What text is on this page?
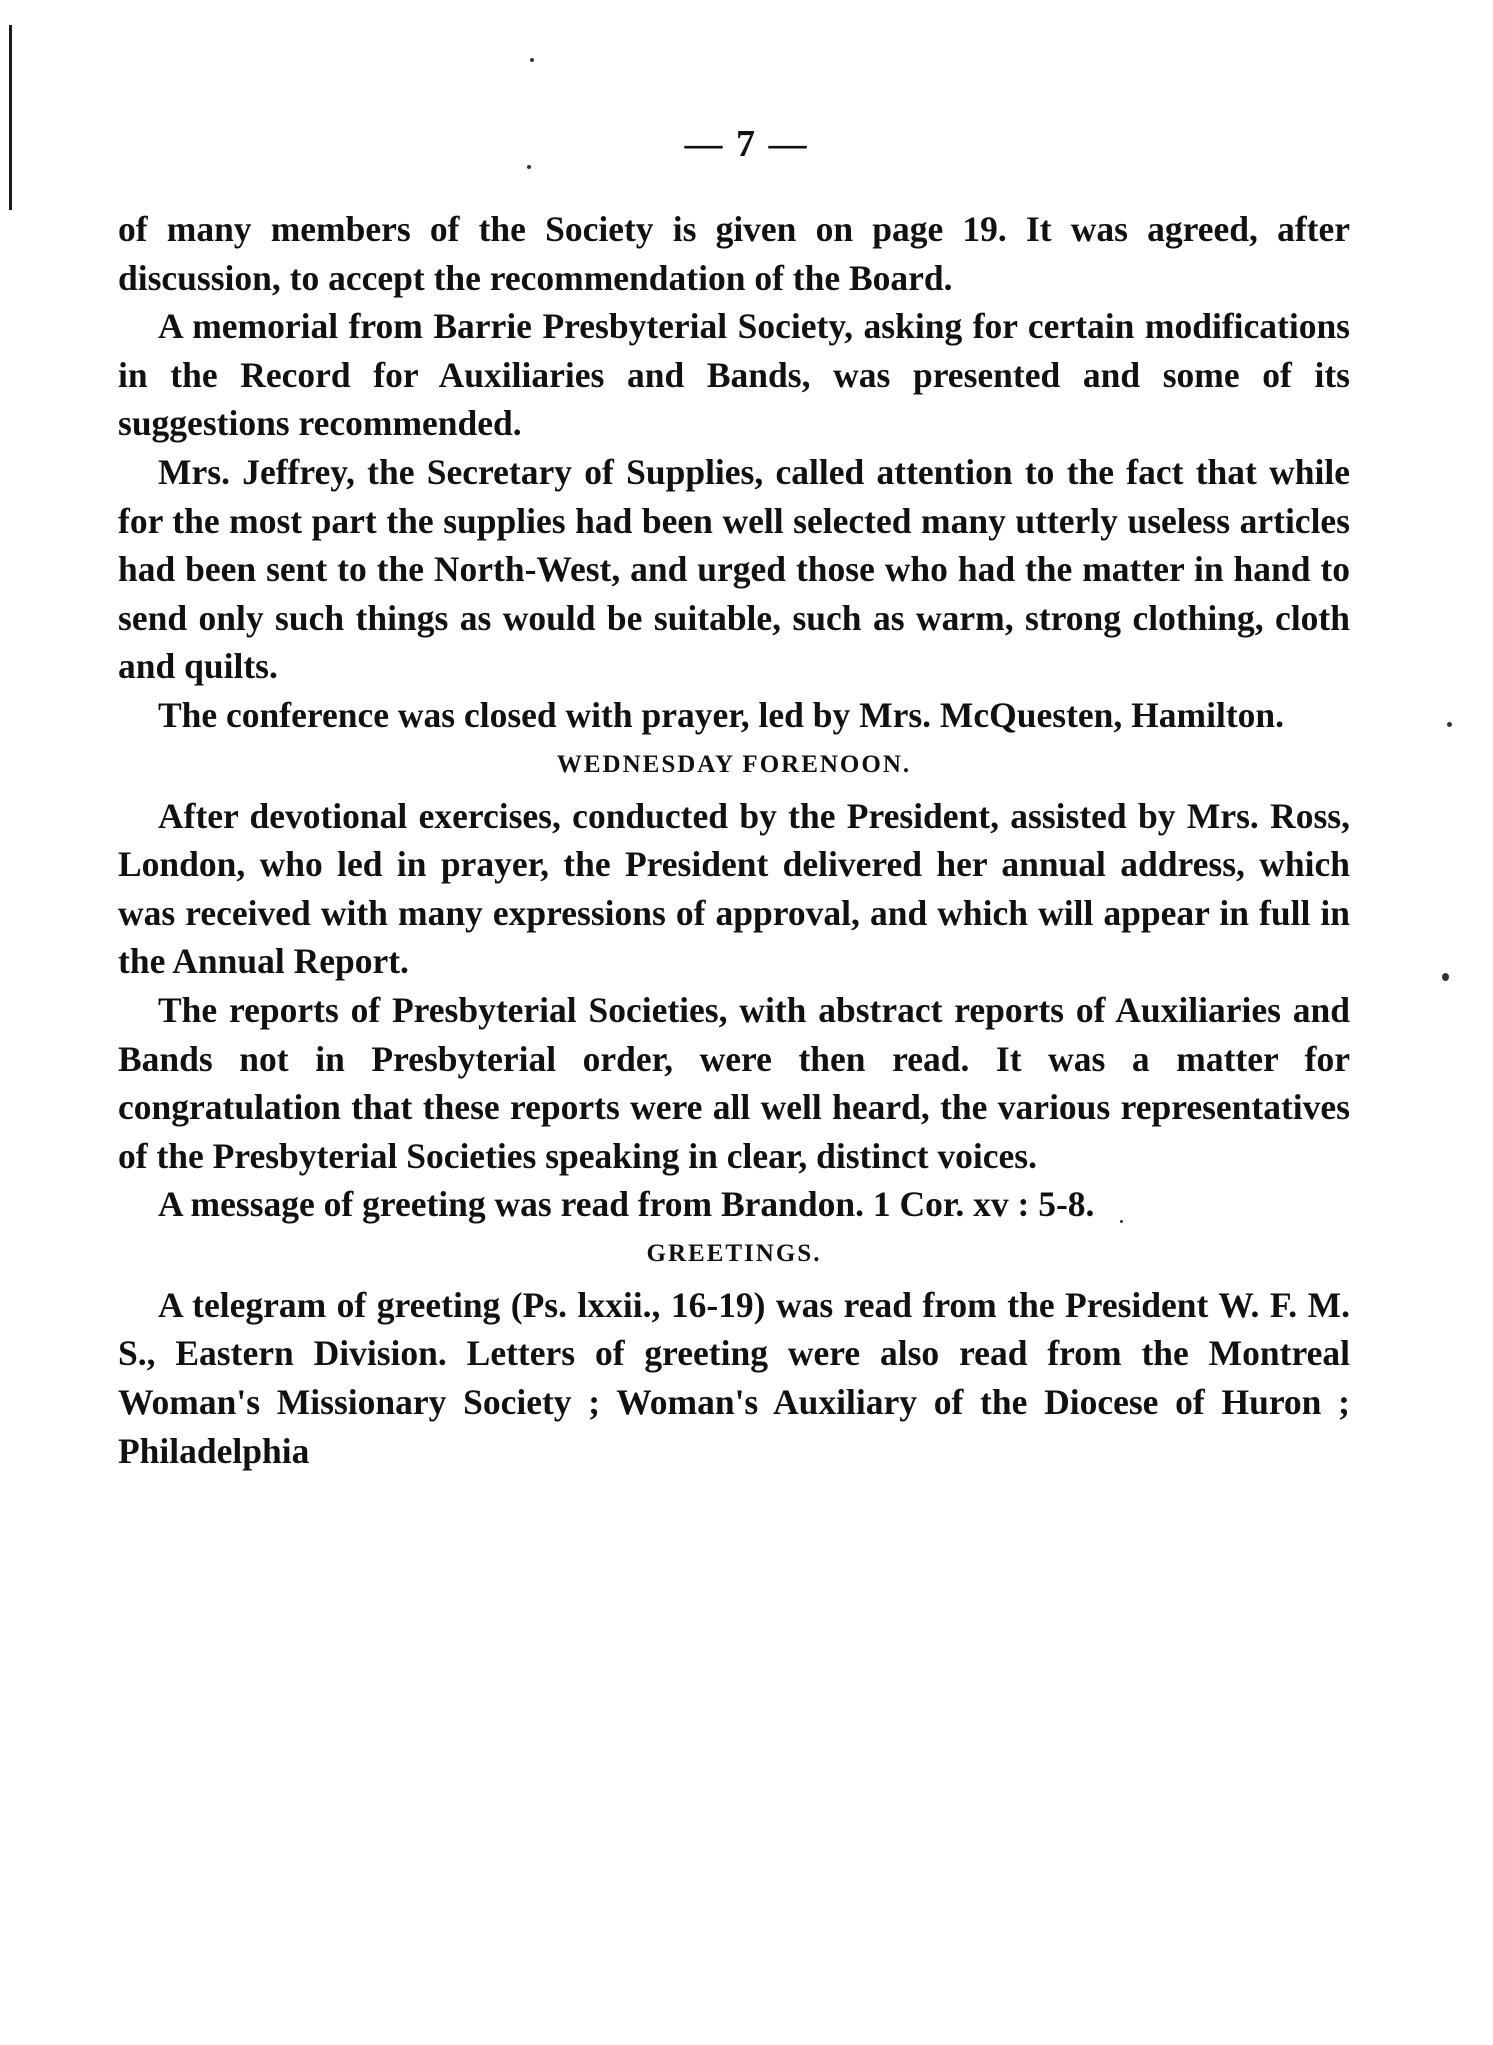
— 7 —

of many members of the Society is given on page 19. It was agreed, after discussion, to accept the recommendation of the Board.

A memorial from Barrie Presbyterial Society, asking for certain modifications in the Record for Auxiliaries and Bands, was presented and some of its suggestions recommended.

Mrs. Jeffrey, the Secretary of Supplies, called attention to the fact that while for the most part the supplies had been well selected many utterly useless articles had been sent to the North-West, and urged those who had the matter in hand to send only such things as would be suitable, such as warm, strong clothing, cloth and quilts.

The conference was closed with prayer, led by Mrs. McQuesten, Hamilton.

WEDNESDAY FORENOON.

After devotional exercises, conducted by the President, assisted by Mrs. Ross, London, who led in prayer, the President delivered her annual address, which was received with many expressions of approval, and which will appear in full in the Annual Report.

The reports of Presbyterial Societies, with abstract reports of Auxiliaries and Bands not in Presbyterial order, were then read. It was a matter for congratulation that these reports were all well heard, the various representatives of the Presbyterial Societies speaking in clear, distinct voices.

A message of greeting was read from Brandon. 1 Cor. xv : 5-8.

GREETINGS.

A telegram of greeting (Ps. lxxii., 16-19) was read from the President W. F. M. S., Eastern Division. Letters of greeting were also read from the Montreal Woman's Missionary Society ; Woman's Auxiliary of the Diocese of Huron ; Philadelphia
